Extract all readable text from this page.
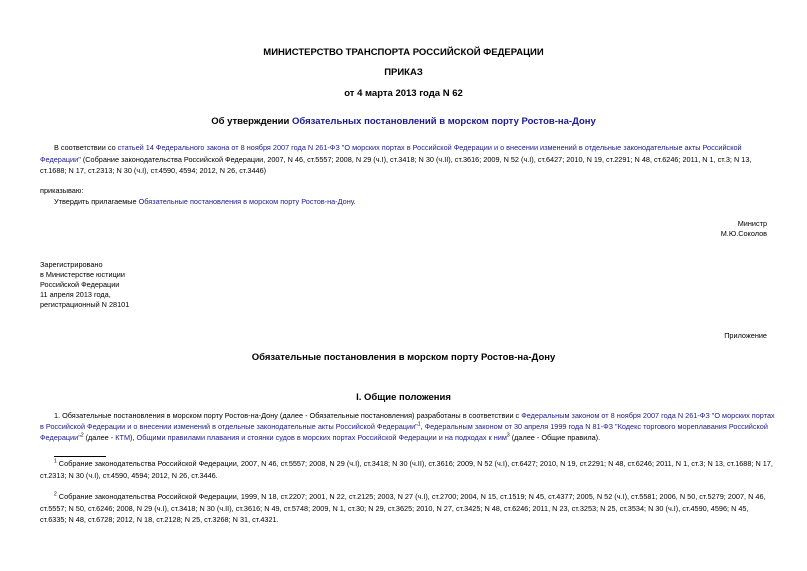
МИНИСТЕРСТВО ТРАНСПОРТА РОССИЙСКОЙ ФЕДЕРАЦИИ
ПРИКАЗ
от 4 марта 2013 года N 62
Об утверждении Обязательных постановлений в морском порту Ростов-на-Дону
В соответствии со статьей 14 Федерального закона от 8 ноября 2007 года N 261-ФЗ "О морских портах в Российской Федерации и о внесении изменений в отдельные законодательные акты Российской
Федерации" (Собрание законодательства Российской Федерации, 2007, N 46, ст.5557; 2008, N 29 (ч.I), ст.3418; N 30 (ч.II), ст.3616; 2009, N 52 (ч.I), ст.6427; 2010, N 19, ст.2291; N 48, ст.6246; 2011, N 1, ст.3; N 13,
ст.1688; N 17, ст.2313; N 30 (ч.I), ст.4590, 4594; 2012, N 26, ст.3446)
приказываю:
Утвердить прилагаемые Обязательные постановления в морском порту Ростов-на-Дону.
Министр
М.Ю.Соколов
Зарегистрировано
в Министерстве юстиции
Российской Федерации
11 апреля 2013 года,
регистрационный N 28101
Приложение
Обязательные постановления в морском порту Ростов-на-Дону
I. Общие положения
1. Обязательные постановления в морском порту Ростов-на-Дону (далее - Обязательные постановления) разработаны в соответствии с Федеральным законом от 8 ноября 2007 года N 261-ФЗ "О морских портах
в Российской Федерации и о внесении изменений в отдельные законодательные акты Российской Федерации"$^1$, Федеральным законом от 30 апреля 1999 года N 81-ФЗ "Кодекс торгового мореплавания Российской
Федерации"$^2$ (далее - КТМ), Общими правилами плавания и стоянки судов в морских портах Российской Федерации и на подходах к ним$^3$ (далее - Общие правила).
$^1$ Собрание законодательства Российской Федерации, 2007, N 46, ст.5557; 2008, N 29 (ч.I), ст.3418; N 30 (ч.II), ст.3616; 2009, N 52 (ч.I), ст.6427; 2010, N 19, ст.2291; N 48, ст.6246; 2011, N 1, ст.3; N 13, ст.1688; N 17,
ст.2313; N 30 (ч.I), ст.4590, 4594; 2012, N 26, ст.3446.
$^2$ Собрание законодательства Российской Федерации, 1999, N 18, ст.2207; 2001, N 22, ст.2125; 2003, N 27 (ч.I), ст.2700; 2004, N 15, ст.1519; N 45, ст.4377; 2005, N 52 (ч.I), ст.5581; 2006, N 50, ст.5279; 2007, N 46,
ст.5557; N 50, ст.6246; 2008, N 29 (ч.I), ст.3418; N 30 (ч.II), ст.3616; N 49, ст.5748; 2009, N 1, ст.30; N 29, ст.3625; 2010, N 27, ст.3425; N 48, ст.6246; 2011, N 23, ст.3253; N 25, ст.3534; N 30 (ч.I), ст.4590, 4596; N 45,
ст.6335; N 48, ст.6728; 2012, N 18, ст.2128; N 25, ст.3268; N 31, ст.4321.
